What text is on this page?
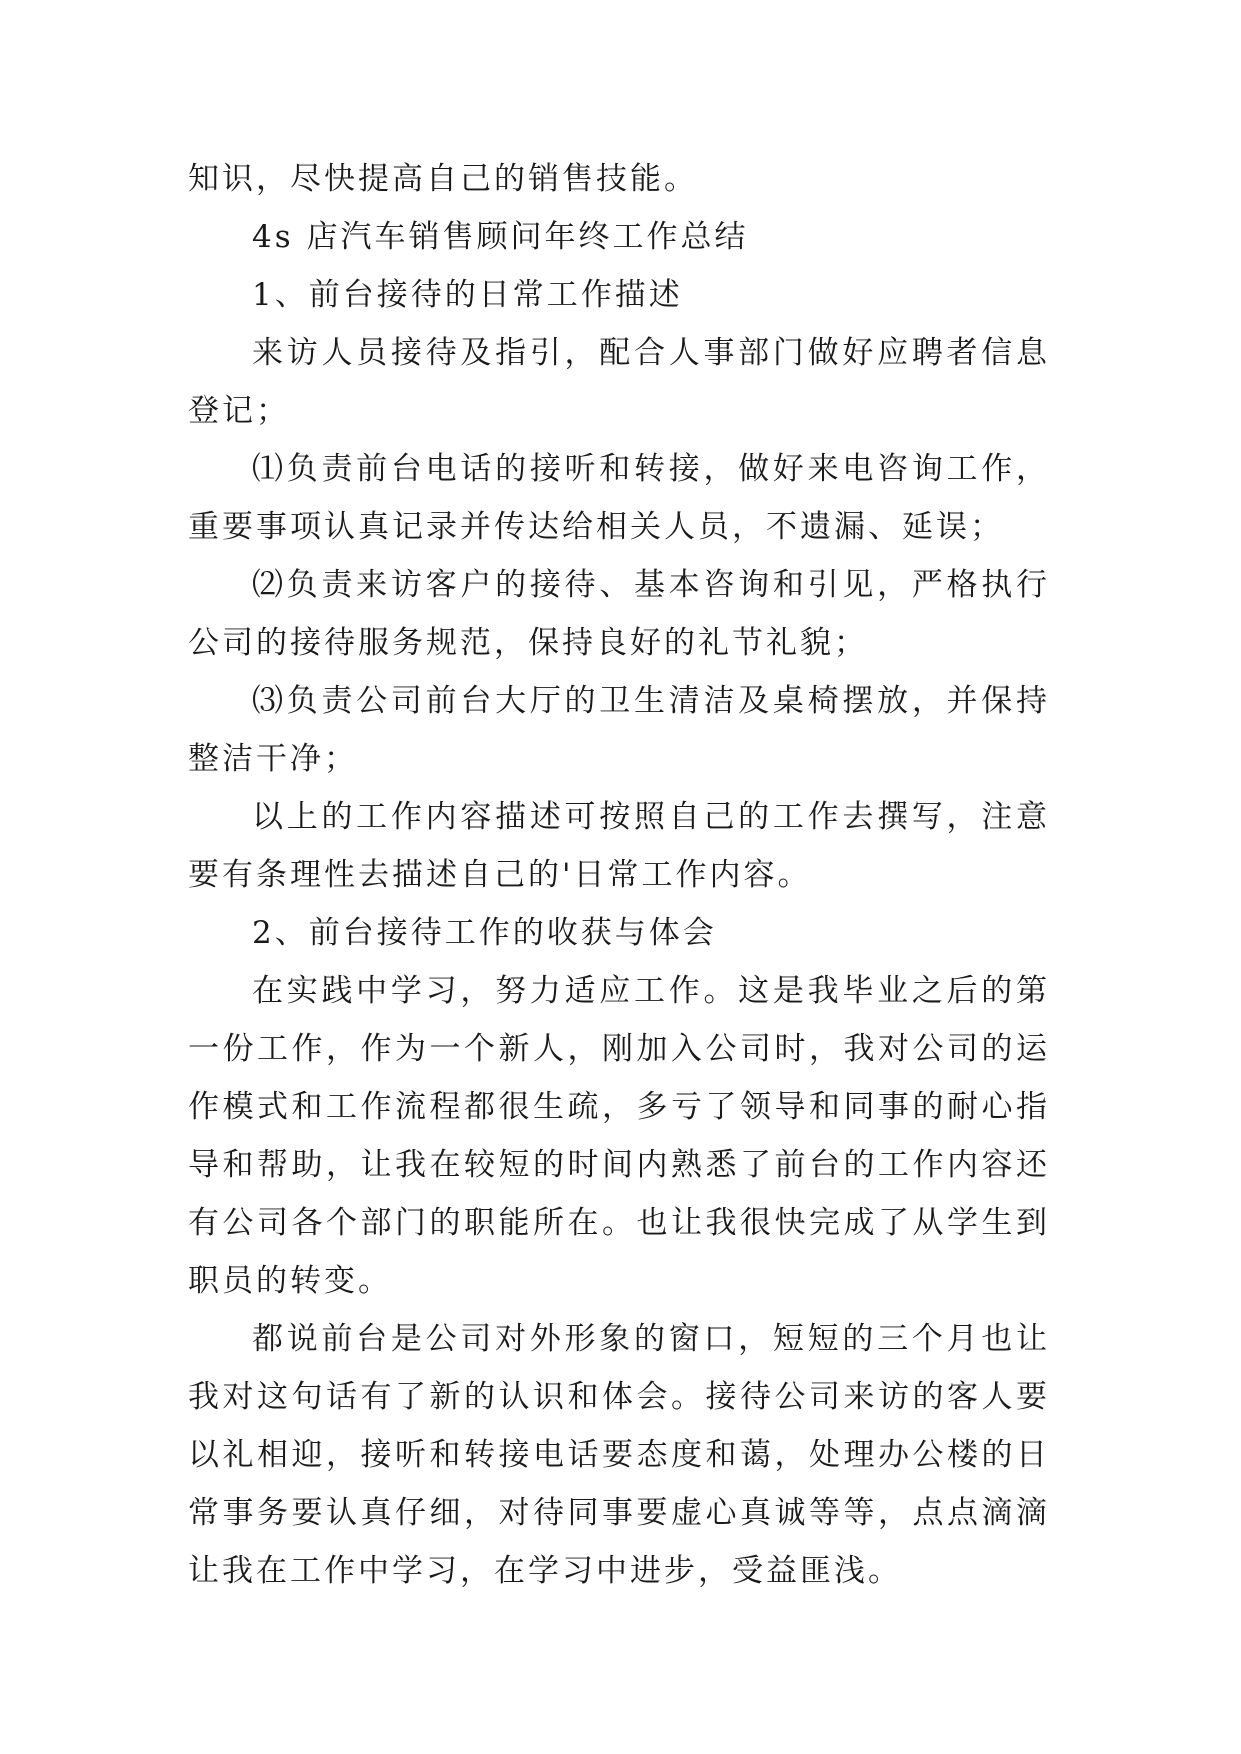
知识，尽快提高自己的销售技能。

4s 店汽车销售顾问年终工作总结

1、前台接待的日常工作描述

来访人员接待及指引，配合人事部门做好应聘者信息登记；

⑴负责前台电话的接听和转接，做好来电咨询工作，重要事项认真记录并传达给相关人员，不遗漏、延误；

⑵负责来访客户的接待、基本咨询和引见，严格执行公司的接待服务规范，保持良好的礼节礼貌；

⑶负责公司前台大厅的卫生清洁及桌椅摆放，并保持整洁干净；

以上的工作内容描述可按照自己的工作去撰写，注意要有条理性去描述自己的'日常工作内容。

2、前台接待工作的收获与体会

在实践中学习，努力适应工作。这是我毕业之后的第一份工作，作为一个新人，刚加入公司时，我对公司的运作模式和工作流程都很生疏，多亏了领导和同事的耐心指导和帮助，让我在较短的时间内熟悉了前台的工作内容还有公司各个部门的职能所在。也让我很快完成了从学生到职员的转变。

都说前台是公司对外形象的窗口，短短的三个月也让我对这句话有了新的认识和体会。接待公司来访的客人要以礼相迎，接听和转接电话要态度和蔼，处理办公楼的日常事务要认真仔细，对待同事要虚心真诚等等，点点滴滴让我在工作中学习，在学习中进步，受益匪浅。
